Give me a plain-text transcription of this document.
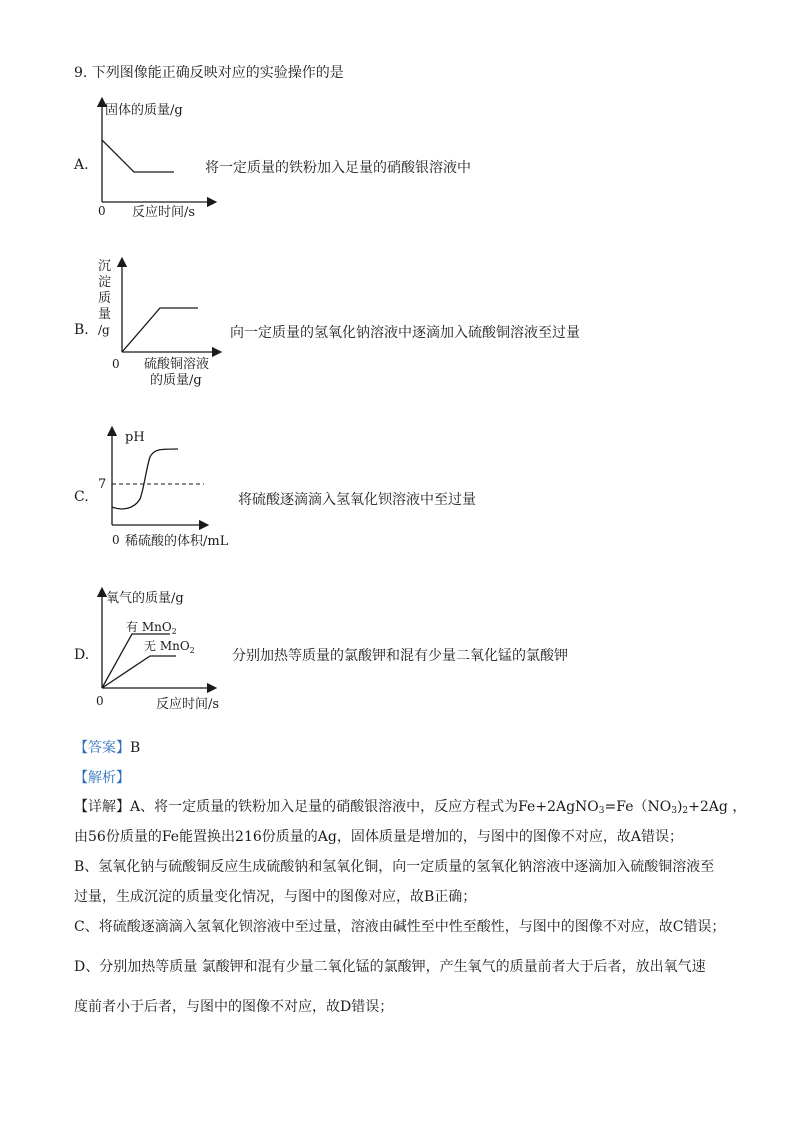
9. 下列图像能正确反映对应的实验操作的是
A.
固体的质量/g
0 反应时间/s
将一定质量的铁粉加入足量的硝酸银溶液中
B.
沉
淀
质
量
/g
0 硫酸铜溶液
的质量/g
向一定质量的氢氧化钠溶液中逐滴加入硫酸铜溶液至过量
C.
pH
7
0 稀硫酸的体积/mL
将硫酸逐滴滴入氢氧化钡溶液中至过量
D.
氧气的质量/g
有 MnO$_2$
无 MnO$_2$
0	反应时间/s
分别加热等质量的氯酸钾和混有少量二氧化锰的氯酸钾
【答案】B
【解析】
【详解】A、将一定质量的铁粉加入足量的硝酸银溶液中，反应方程式为$Fe+2AgNO_3=Fe(NO_3)_2+2Ag$ ，
由56份质量的Fe能置换出216份质量的Ag，固体质量是增加的，与图中的图像不对应，故A错误；
B、氢氧化钠与硫酸铜反应生成硫酸钠和氢氧化铜，向一定质量的氢氧化钠溶液中逐滴加入硫酸铜溶液至
过量，生成沉淀的质量变化情况，与图中的图像对应，故B正确；
C、将硫酸逐滴滴入氢氧化钡溶液中至过量，溶液由碱性至中性至酸性，与图中的图像不对应，故C错误；
D、分别加热等质量 氯酸钾和混有少量二氧化锰的氯酸钾，产生氧气的质量前者大于后者，放出氧气速
度前者小于后者，与图中的图像不对应，故D错误；
